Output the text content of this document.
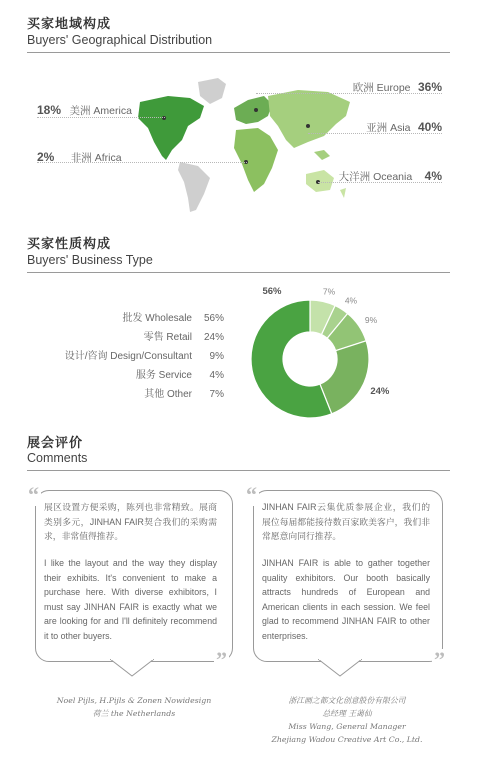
买家地域构成
Buyers' Geographical Distribution
18% 美洲 America
2% 非洲 Africa
欧洲 Europe 36%
亚洲 Asia 40%
大洋洲 Oceania 4%
买家性质构成
Buyers' Business Type
批发 Wholesale 56%
零售 Retail 24%
设计/咨询 Design/Consultant 9%
服务 Service 4%
其他 Other 7%
7%
4%
9%
24%
56%
展会评价
Comments
“
”
展区设置方便采购，陈列也非常精致。展商类别多元，JINHAN FAIR契合我们的采购需求，非常值得推荐。
I like the layout and the way they display their exhibits. It's convenient to make a purchase here. With diverse exhibitors, I must say JINHAN FAIR is exactly what we are looking for and I'll definitely recommend it to other buyers.
“
”
JINHAN FAIR云集优质参展企业，我们的展位每届都能接待数百家欧美客户，我们非常愿意向同行推荐。
JINHAN FAIR is able to gather together quality exhibitors. Our booth basically attracts hundreds of European and American clients in each session. We feel glad to recommend JINHAN FAIR to other enterprises.
Noel Pijls, H.Pijls & Zonen Nowidesign
荷兰 the Netherlands
浙江画之都文化创意股份有限公司
总经理 王蔼仙
Miss Wang, General Manager
Zhejiang Wadou Creative Art Co., Ltd.
